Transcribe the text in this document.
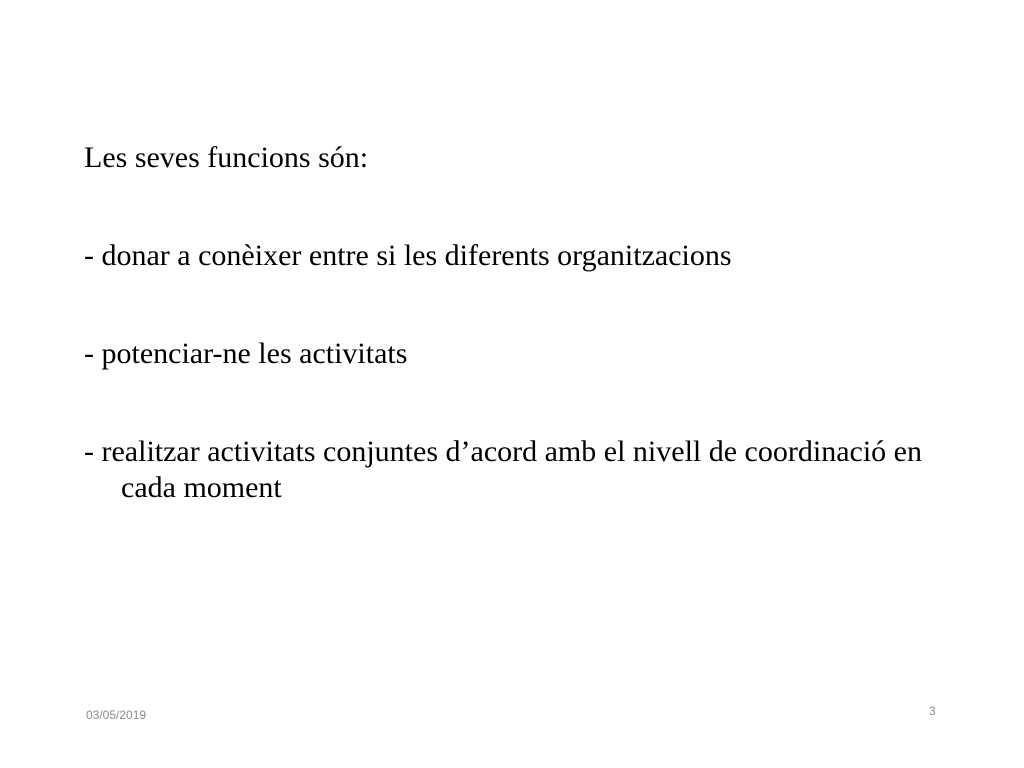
Les seves funcions són:

- donar a conèixer entre si les diferents organitzacions

- potenciar-ne les activitats

- realitzar activitats conjuntes d’acord amb el nivell de coordinació en cada moment

03/05/2019	3
